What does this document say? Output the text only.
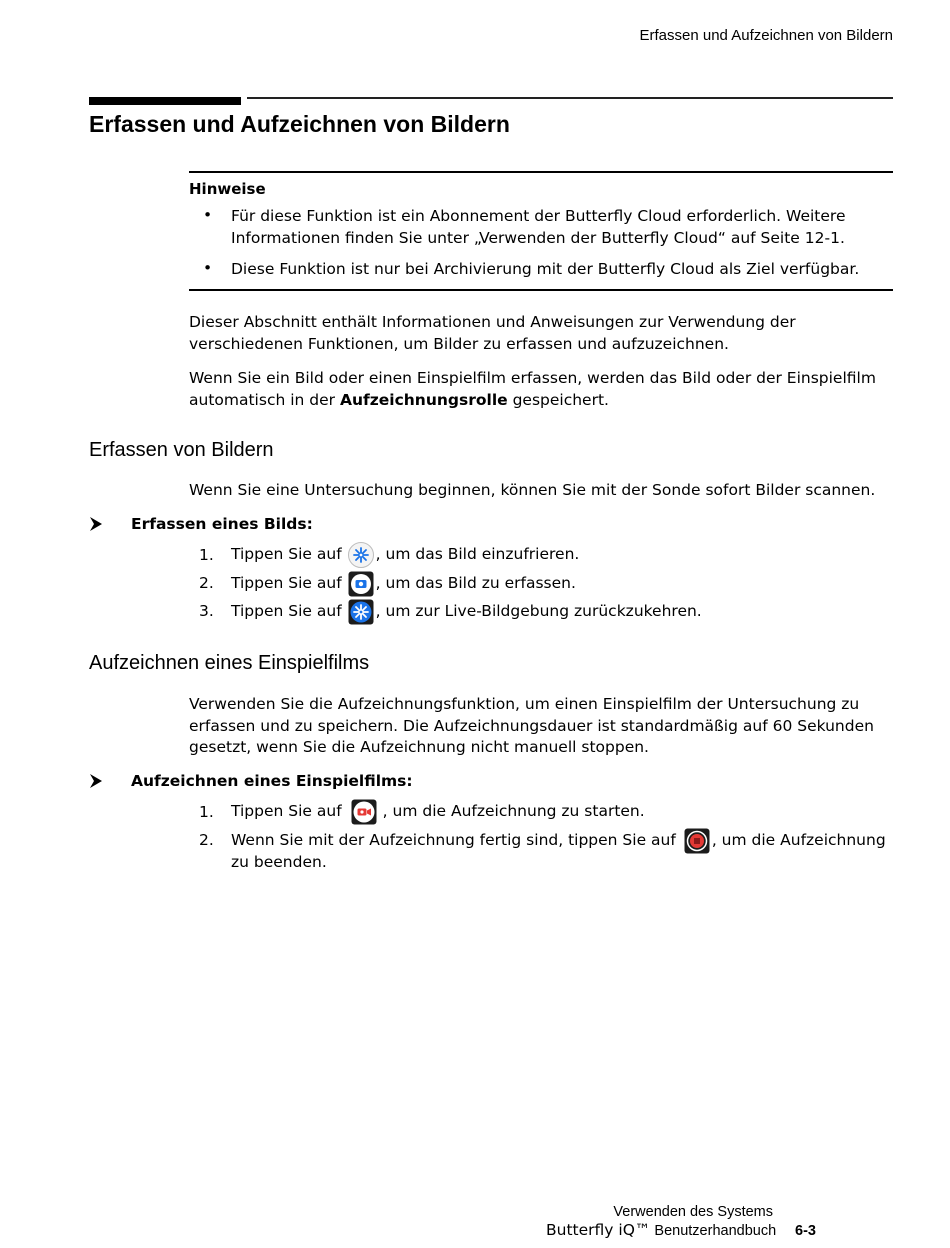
Erfassen und Aufzeichnen von Bildern
Erfassen und Aufzeichnen von Bildern
Hinweise
• Für diese Funktion ist ein Abonnement der Butterfly Cloud erforderlich. Weitere Informationen finden Sie unter „Verwenden der Butterfly Cloud“ auf Seite 12-1.
• Diese Funktion ist nur bei Archivierung mit der Butterfly Cloud als Ziel verfügbar.
Dieser Abschnitt enthält Informationen und Anweisungen zur Verwendung der verschiedenen Funktionen, um Bilder zu erfassen und aufzuzeichnen.
Wenn Sie ein Bild oder einen Einspielfilm erfassen, werden das Bild oder der Einspielfilm automatisch in der Aufzeichnungsrolle gespeichert.
Erfassen von Bildern
Wenn Sie eine Untersuchung beginnen, können Sie mit der Sonde sofort Bilder scannen.
Erfassen eines Bilds:
1. Tippen Sie auf , um das Bild einzufrieren.
2. Tippen Sie auf , um das Bild zu erfassen.
3. Tippen Sie auf , um zur Live-Bildgebung zurückzukehren.
Aufzeichnen eines Einspielfilms
Verwenden Sie die Aufzeichnungsfunktion, um einen Einspielfilm der Untersuchung zu erfassen und zu speichern. Die Aufzeichnungsdauer ist standardmäßig auf 60 Sekunden gesetzt, wenn Sie die Aufzeichnung nicht manuell stoppen.
Aufzeichnen eines Einspielfilms:
1. Tippen Sie auf	, um die Aufzeichnung zu starten.
2. Wenn Sie mit der Aufzeichnung fertig sind, tippen Sie auf , um die Aufzeichnung
zu beenden.
Verwenden des Systems
Butterfly iQ™ Benutzerhandbuch 6-3
